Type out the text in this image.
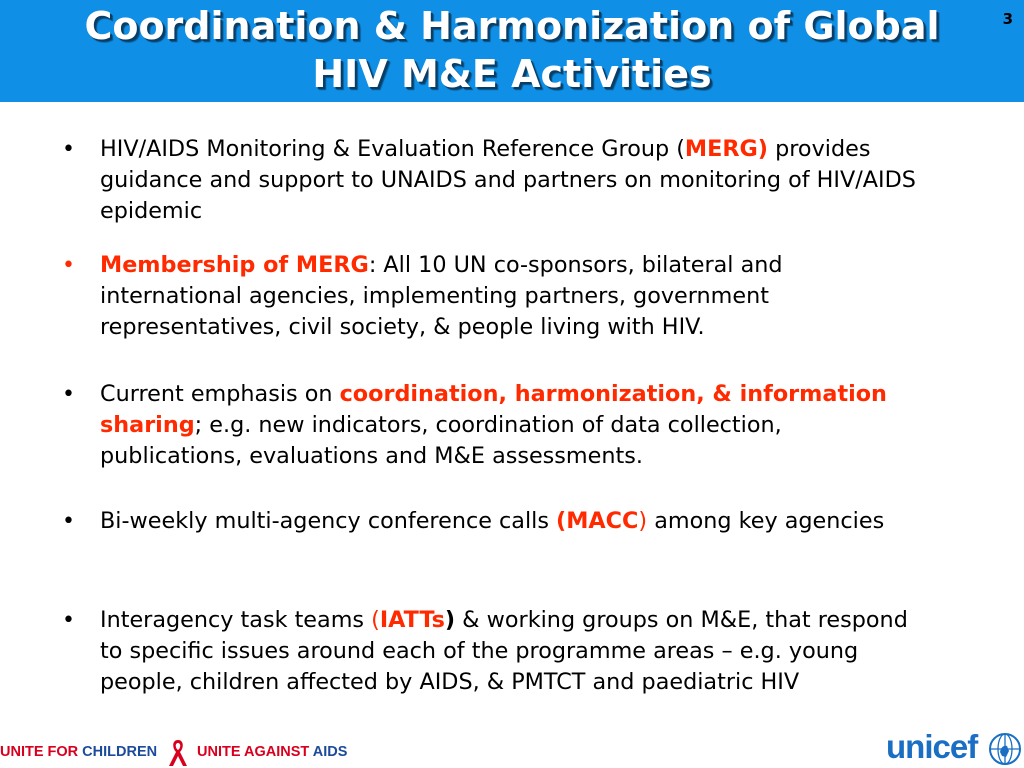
Coordination & Harmonization of Global
HIV M&E Activities
3
• HIV/AIDS Monitoring & Evaluation Reference Group (MERG) provides guidance and support to UNAIDS and partners on monitoring of HIV/AIDS epidemic
• Membership of MERG: All 10 UN co-sponsors, bilateral and international agencies, implementing partners, government representatives, civil society, & people living with HIV.
• Current emphasis on coordination, harmonization, & information sharing; e.g. new indicators, coordination of data collection, publications, evaluations and M&E assessments.
• Bi-weekly multi-agency conference calls (MACC) among key agencies
• Interagency task teams (IATTs) & working groups on M&E, that respond to specific issues around each of the programme areas – e.g. young people, children affected by AIDS, & PMTCT and paediatric HIV
UNITE FOR CHILDREN	UNITE AGAINST AIDS	unicef
